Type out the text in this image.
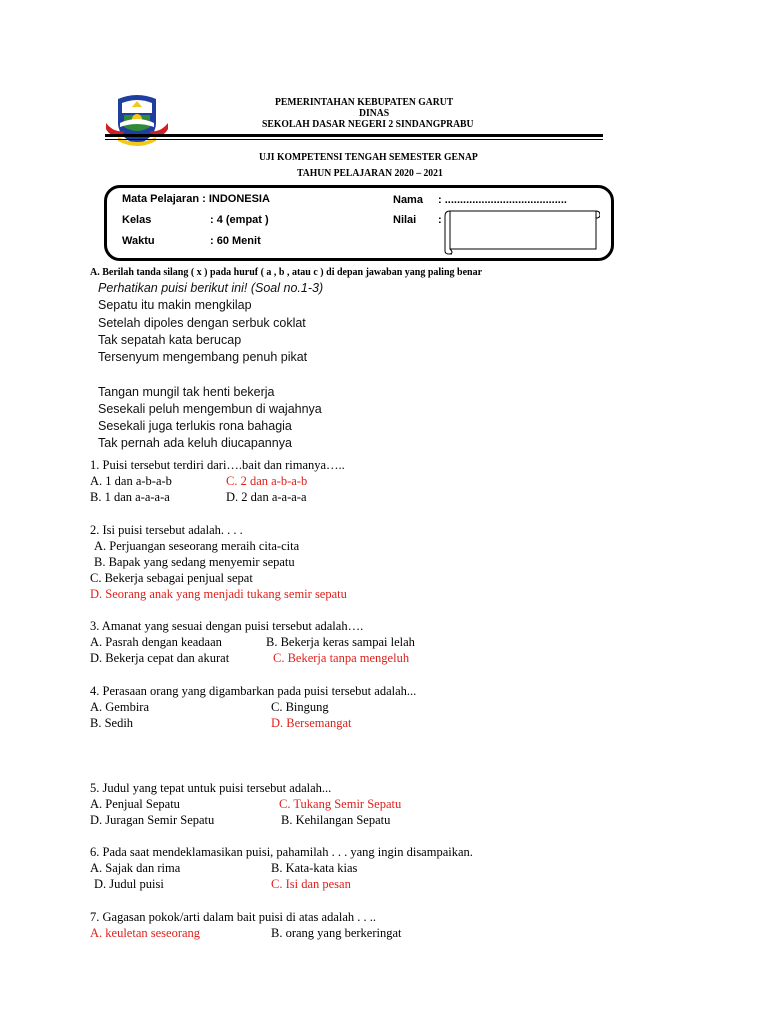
PEMERINTAHAN KEBUPATEN GARUT
DINAS
SEKOLAH DASAR NEGERI 2 SINDANGPRABU
UJI KOMPETENSI TENGAH SEMESTER GENAP
TAHUN PELAJARAN 2020 – 2021
Mata Pelajaran : INDONESIA
Kelas	: 4 (empat )
Waktu	: 60 Menit
Nama : ........................................
Nilai :
A. Berilah tanda silang ( x ) pada huruf ( a , b , atau c ) di depan jawaban yang paling benar
Perhatikan puisi berikut ini! (Soal no.1-3)
Sepatu itu makin mengkilap
Setelah dipoles dengan serbuk coklat
Tak sepatah kata berucap
Tersenyum mengembang penuh pikat
Tangan mungil tak henti bekerja
Sesekali peluh mengembun di wajahnya
Sesekali juga terlukis rona bahagia
Tak pernah ada keluh diucapannya
1. Puisi tersebut terdiri dari….bait dan rimanya…..
A. 1 dan a-b-a-b	C. 2 dan a-b-a-b
B. 1 dan a-a-a-a	D. 2 dan a-a-a-a
2. Isi puisi tersebut adalah. . . .
A. Perjuangan seseorang meraih cita-cita
B. Bapak yang sedang menyemir sepatu
C. Bekerja sebagai penjual sepat
D. Seorang anak yang menjadi tukang semir sepatu
3. Amanat yang sesuai dengan puisi tersebut adalah….
A. Pasrah dengan keadaan	B. Bekerja keras sampai lelah
D. Bekerja cepat dan akurat	C. Bekerja tanpa mengeluh
4. Perasaan orang yang digambarkan pada puisi tersebut adalah...
A. Gembira	C. Bingung
B. Sedih	D. Bersemangat
5. Judul yang tepat untuk puisi tersebut adalah...
A. Penjual Sepatu	C. Tukang Semir Sepatu
D. Juragan Semir Sepatu	B. Kehilangan Sepatu
6. Pada saat mendeklamasikan puisi, pahamilah . . . yang ingin disampaikan.
A. Sajak dan rima	B. Kata-kata kias
D. Judul puisi	C. Isi dan pesan
7. Gagasan pokok/arti dalam bait puisi di atas adalah . . ..
A. keuletan seseorang	B. orang yang berkeringat
